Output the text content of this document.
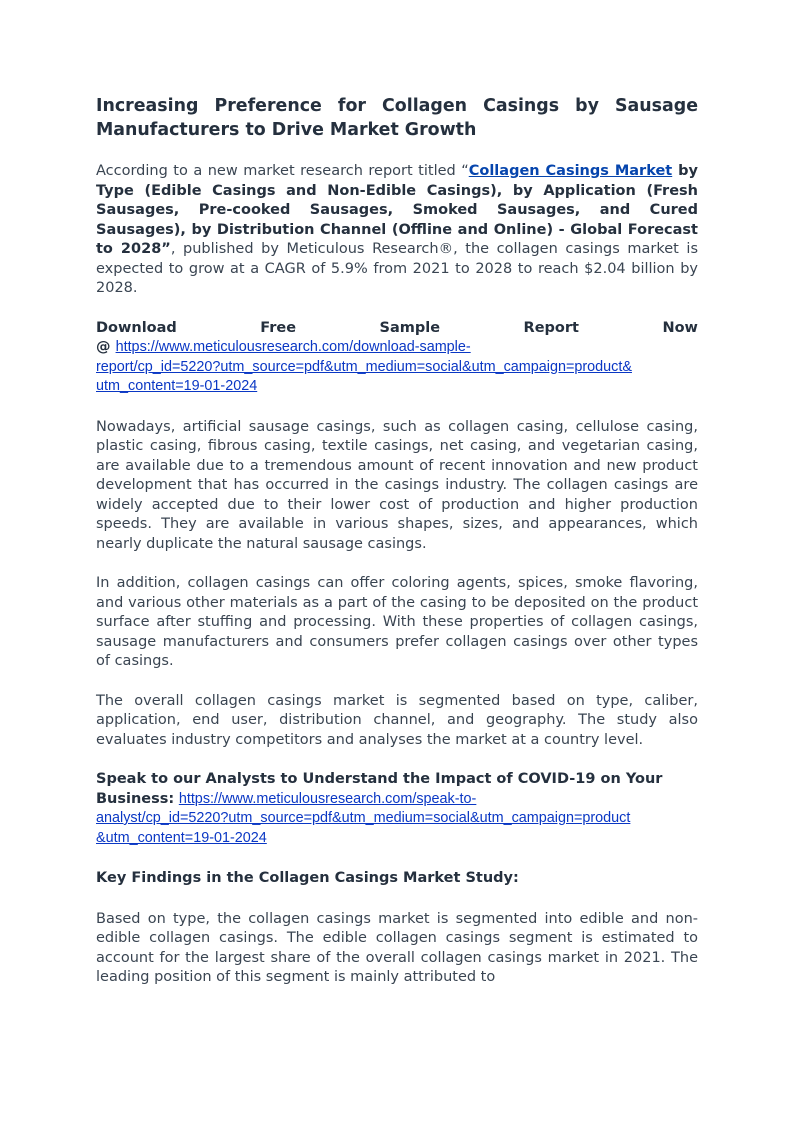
Increasing Preference for Collagen Casings by Sausage Manufacturers to Drive Market Growth

According to a new market research report titled “Collagen Casings Market by Type (Edible Casings and Non-Edible Casings), by Application (Fresh Sausages, Pre-cooked Sausages, Smoked Sausages, and Cured Sausages), by Distribution Channel (Offline and Online) - Global Forecast to 2028”, published by Meticulous Research®, the collagen casings market is expected to grow at a CAGR of 5.9% from 2021 to 2028 to reach $2.04 billion by 2028.

Download	Free	Sample	Report	Now
@ https://www.meticulousresearch.com/download-sample-
report/cp_id=5220?utm_source=pdf&utm_medium=social&utm_campaign=product&
utm_content=19-01-2024

Nowadays, artificial sausage casings, such as collagen casing, cellulose casing, plastic casing, fibrous casing, textile casings, net casing, and vegetarian casing, are available due to a tremendous amount of recent innovation and new product development that has occurred in the casings industry. The collagen casings are widely accepted due to their lower cost of production and higher production speeds. They are available in various shapes, sizes, and appearances, which nearly duplicate the natural sausage casings.

In addition, collagen casings can offer coloring agents, spices, smoke flavoring, and various other materials as a part of the casing to be deposited on the product surface after stuffing and processing. With these properties of collagen casings, sausage manufacturers and consumers prefer collagen casings over other types of casings.

The overall collagen casings market is segmented based on type, caliber, application, end user, distribution channel, and geography. The study also evaluates industry competitors and analyses the market at a country level.

Speak to our Analysts to Understand the Impact of COVID-19 on Your Business: https://www.meticulousresearch.com/speak-to-
analyst/cp_id=5220?utm_source=pdf&utm_medium=social&utm_campaign=product
&utm_content=19-01-2024

Key Findings in the Collagen Casings Market Study:

Based on type, the collagen casings market is segmented into edible and non-edible collagen casings. The edible collagen casings segment is estimated to account for the largest share of the overall collagen casings market in 2021. The leading position of this segment is mainly attributed to
